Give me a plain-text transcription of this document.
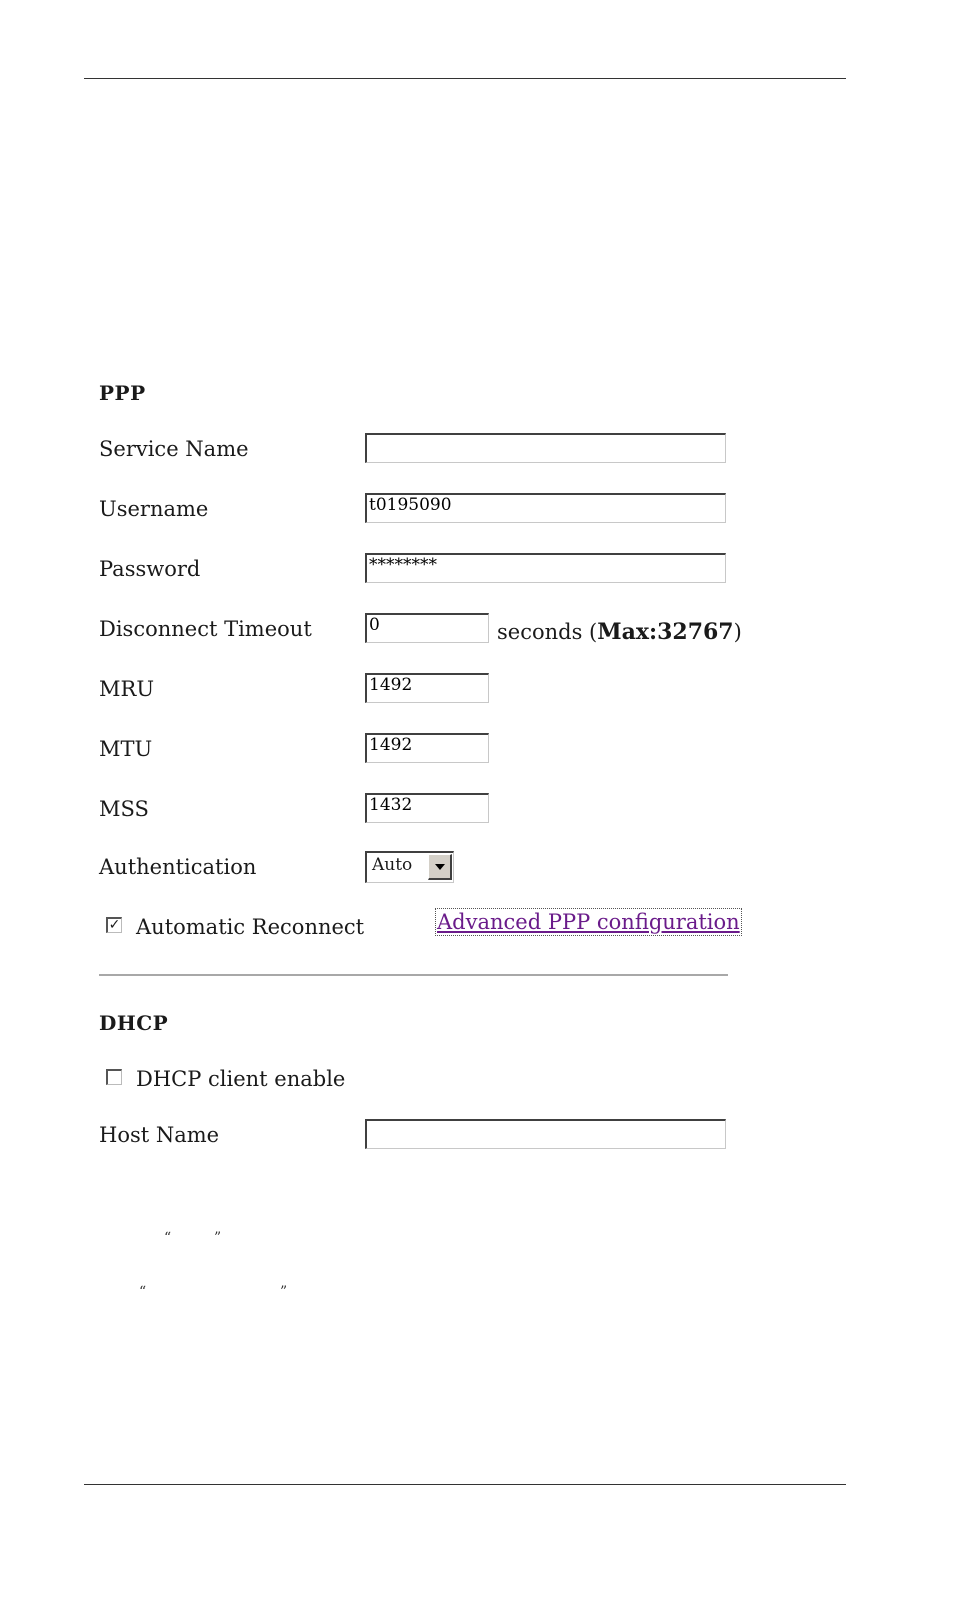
PPP
Service Name
Username	t0195090
Password	********
Disconnect Timeout	0	seconds (Max:32767)
MRU	1492
MTU	1492
MSS	1432
Authentication	Auto
✓ Automatic Reconnect	Advanced PPP configuration
DHCP
DHCP client enable
Host Name
“	”
“	”
